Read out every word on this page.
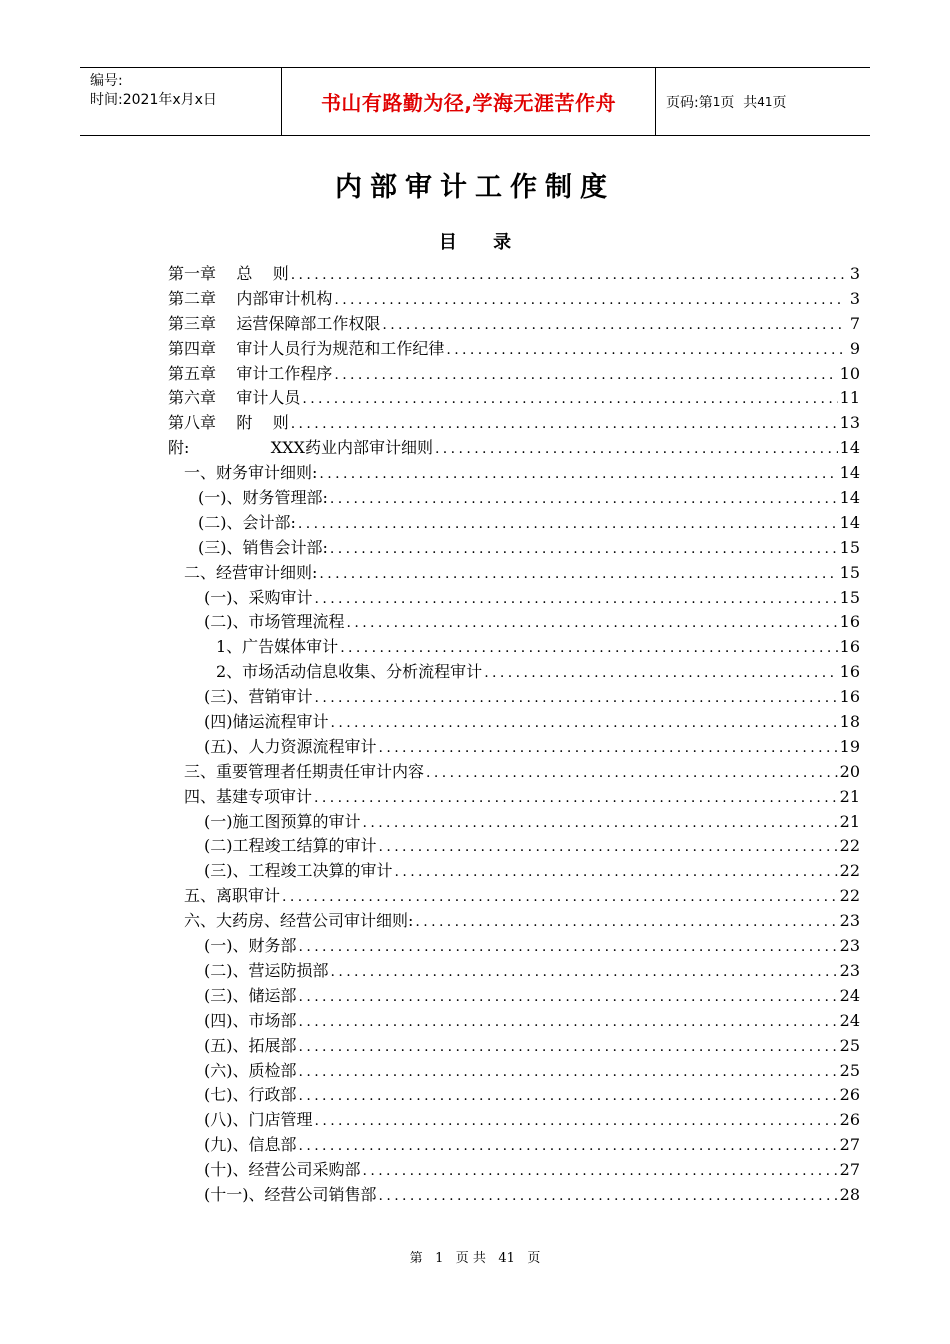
编号:
时间:2021年x月x日	书山有路勤为径,学海无涯苦作舟	页码:第 1 页  共 41 页
内部审计工作制度
目 录
第一章    总    则 .....	3
第二章    内部审计机构 .....	3
第三章    运营保障部工作权限 .....	7
第四章    审计人员行为规范和工作纪律 .....	9
第五章    审计工作程序 .....	10
第六章    审计人员 .....	11
第八章    附    则 .....	13
附:                XXX药业内部审计细则 .....	14
一、财务审计细则: .....	14
(一)、财务管理部: .....	14
(二)、会计部: .....	14
(三)、销售会计部: .....	15
二、经营审计细则: .....	15
(一)、采购审计 .....	15
(二)、市场管理流程 .....	16
1、广告媒体审计 .....	16
2、市场活动信息收集、分析流程审计 .....	16
(三)、营销审计 .....	16
(四)储运流程审计 .....	18
(五)、人力资源流程审计 .....	19
三、重要管理者任期责任审计内容 .....	20
四、基建专项审计 .....	21
(一)施工图预算的审计 .....	21
(二)工程竣工结算的审计 .....	22
(三)、工程竣工决算的审计 .....	22
五、离职审计 .....	22
六、大药房、经营公司审计细则: .....	23
(一)、财务部 .....	23
(二)、营运防损部 .....	23
(三)、储运部 .....	24
(四)、市场部 .....	24
(五)、拓展部 .....	25
(六)、质检部 .....	25
(七)、行政部 .....	26
(八)、门店管理 .....	26
(九)、信息部 .....	27
(十)、经营公司采购部 .....	27
(十一)、经营公司销售部 .....	28
第 1 页 共 41 页
